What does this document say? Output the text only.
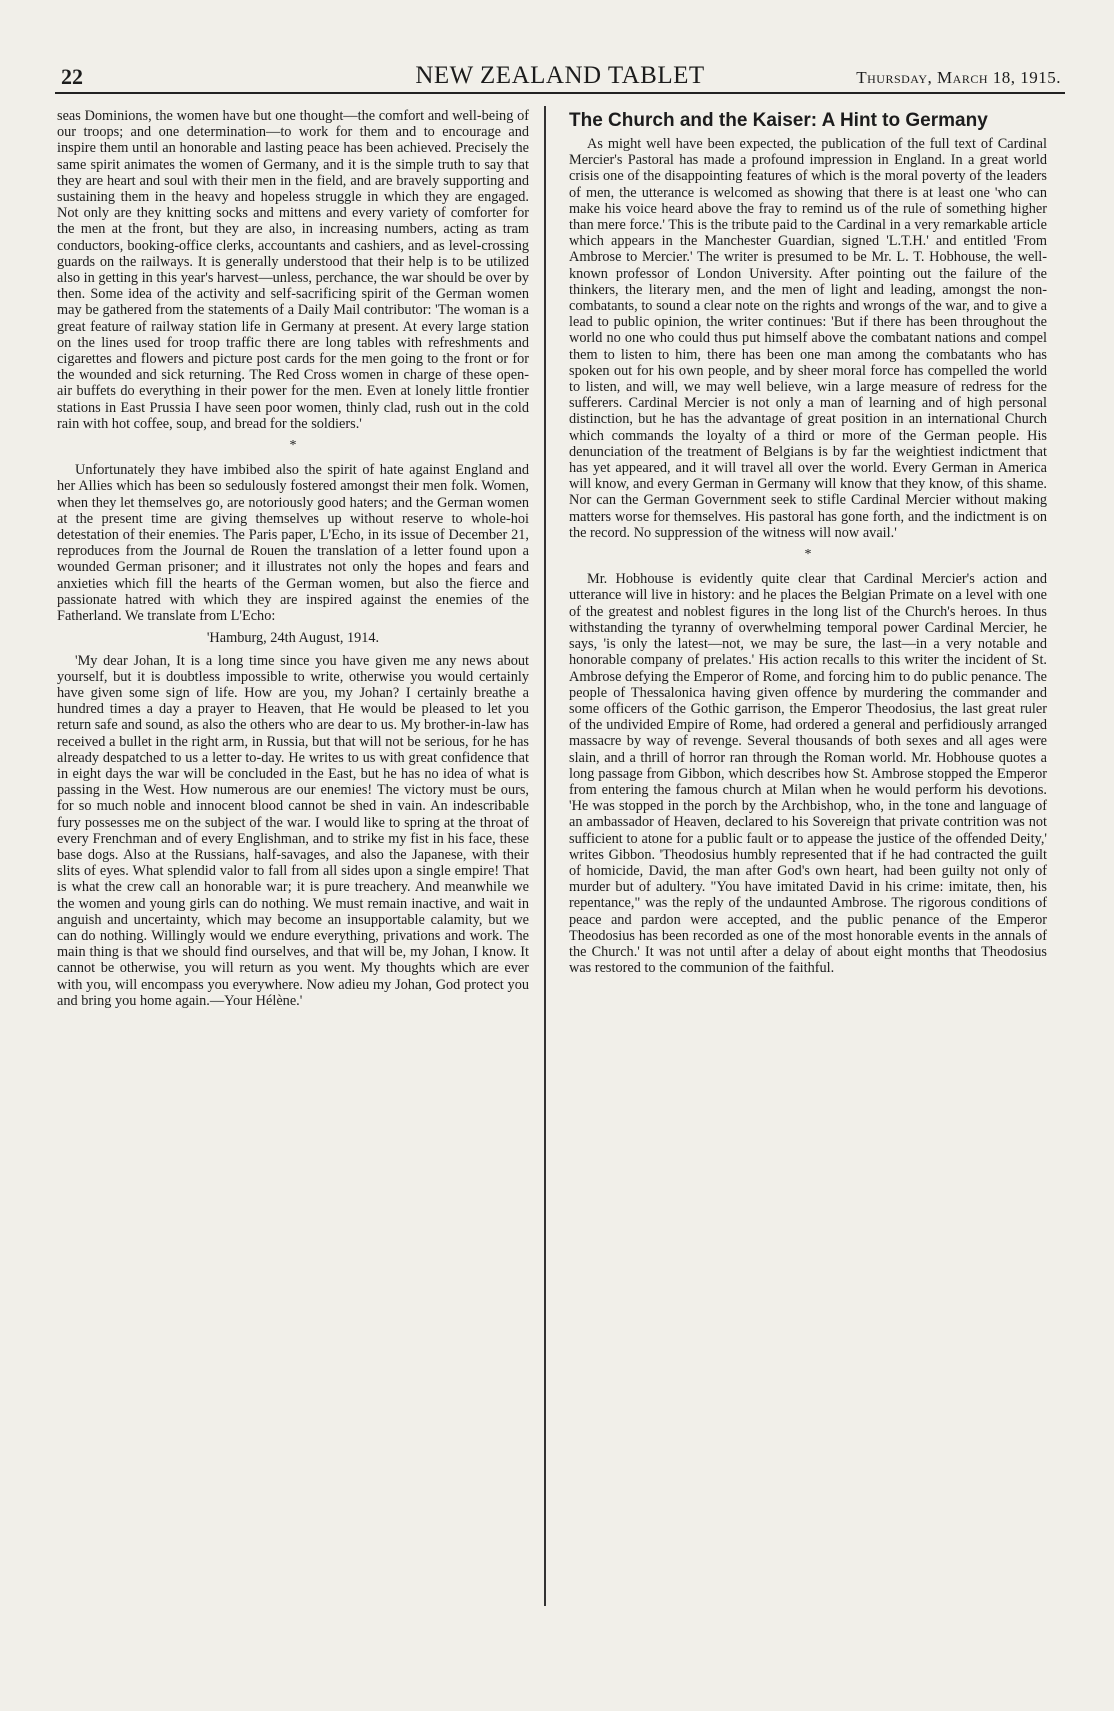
22	NEW ZEALAND TABLET	Thursday, March 18, 1915.

seas Dominions, the women have but one thought—the comfort and well-being of our troops; and one determination—to work for them and to encourage and inspire them until an honorable and lasting peace has been achieved. Precisely the same spirit animates the women of Germany, and it is the simple truth to say that they are heart and soul with their men in the field, and are bravely supporting and sustaining them in the heavy and hopeless struggle in which they are engaged. Not only are they knitting socks and mittens and every variety of comforter for the men at the front, but they are also, in increasing numbers, acting as tram conductors, booking-office clerks, accountants and cashiers, and as level-crossing guards on the railways. It is generally understood that their help is to be utilized also in getting in this year's harvest—unless, perchance, the war should be over by then. Some idea of the activity and self-sacrificing spirit of the German women may be gathered from the statements of a Daily Mail contributor: 'The woman is a great feature of railway station life in Germany at present. At every large station on the lines used for troop traffic there are long tables with refreshments and cigarettes and flowers and picture post cards for the men going to the front or for the wounded and sick returning. The Red Cross women in charge of these open-air buffets do everything in their power for the men. Even at lonely little frontier stations in East Prussia I have seen poor women, thinly clad, rush out in the cold rain with hot coffee, soup, and bread for the soldiers.'

*

Unfortunately they have imbibed also the spirit of hate against England and her Allies which has been so sedulously fostered amongst their men folk. Women, when they let themselves go, are notoriously good haters; and the German women at the present time are giving themselves up without reserve to whole-hoi detestation of their enemies. The Paris paper, L'Echo, in its issue of December 21, reproduces from the Journal de Rouen the translation of a letter found upon a wounded German prisoner; and it illustrates not only the hopes and fears and anxieties which fill the hearts of the German women, but also the fierce and passionate hatred with which they are inspired against the enemies of the Fatherland. We translate from L'Echo:

'Hamburg, 24th August, 1914.

'My dear Johan, It is a long time since you have given me any news about yourself, but it is doubtless impossible to write, otherwise you would certainly have given some sign of life. How are you, my Johan? I certainly breathe a hundred times a day a prayer to Heaven, that He would be pleased to let you return safe and sound, as also the others who are dear to us. My brother-in-law has received a bullet in the right arm, in Russia, but that will not be serious, for he has already despatched to us a letter to-day. He writes to us with great confidence that in eight days the war will be concluded in the East, but he has no idea of what is passing in the West. How numerous are our enemies! The victory must be ours, for so much noble and innocent blood cannot be shed in vain. An indescribable fury possesses me on the subject of the war. I would like to spring at the throat of every Frenchman and of every Englishman, and to strike my fist in his face, these base dogs. Also at the Russians, half-savages, and also the Japanese, with their slits of eyes. What splendid valor to fall from all sides upon a single empire! That is what the crew call an honorable war; it is pure treachery. And meanwhile we the women and young girls can do nothing. We must remain inactive, and wait in anguish and uncertainty, which may become an insupportable calamity, but we can do nothing. Willingly would we endure everything, privations and work. The main thing is that we should find ourselves, and that will be, my Johan, I know. It cannot be otherwise, you will return as you went. My thoughts which are ever with you, will encompass you everywhere. Now adieu my Johan, God protect you and bring you home again.—Your Hélène.'

The Church and the Kaiser: A Hint to Germany

As might well have been expected, the publication of the full text of Cardinal Mercier's Pastoral has made a profound impression in England. In a great world crisis one of the disappointing features of which is the moral poverty of the leaders of men, the utterance is welcomed as showing that there is at least one 'who can make his voice heard above the fray to remind us of the rule of something higher than mere force.' This is the tribute paid to the Cardinal in a very remarkable article which appears in the Manchester Guardian, signed 'L.T.H.' and entitled 'From Ambrose to Mercier.' The writer is presumed to be Mr. L. T. Hobhouse, the well-known professor of London University. After pointing out the failure of the thinkers, the literary men, and the men of light and leading, amongst the non-combatants, to sound a clear note on the rights and wrongs of the war, and to give a lead to public opinion, the writer continues: 'But if there has been throughout the world no one who could thus put himself above the combatant nations and compel them to listen to him, there has been one man among the combatants who has spoken out for his own people, and by sheer moral force has compelled the world to listen, and will, we may well believe, win a large measure of redress for the sufferers. Cardinal Mercier is not only a man of learning and of high personal distinction, but he has the advantage of great position in an international Church which commands the loyalty of a third or more of the German people. His denunciation of the treatment of Belgians is by far the weightiest indictment that has yet appeared, and it will travel all over the world. Every German in America will know, and every German in Germany will know that they know, of this shame. Nor can the German Government seek to stifle Cardinal Mercier without making matters worse for themselves. His pastoral has gone forth, and the indictment is on the record. No suppression of the witness will now avail.'

*

Mr. Hobhouse is evidently quite clear that Cardinal Mercier's action and utterance will live in history: and he places the Belgian Primate on a level with one of the greatest and noblest figures in the long list of the Church's heroes. In thus withstanding the tyranny of overwhelming temporal power Cardinal Mercier, he says, 'is only the latest—not, we may be sure, the last—in a very notable and honorable company of prelates.' His action recalls to this writer the incident of St. Ambrose defying the Emperor of Rome, and forcing him to do public penance. The people of Thessalonica having given offence by murdering the commander and some officers of the Gothic garrison, the Emperor Theodosius, the last great ruler of the undivided Empire of Rome, had ordered a general and perfidiously arranged massacre by way of revenge. Several thousands of both sexes and all ages were slain, and a thrill of horror ran through the Roman world. Mr. Hobhouse quotes a long passage from Gibbon, which describes how St. Ambrose stopped the Emperor from entering the famous church at Milan when he would perform his devotions. 'He was stopped in the porch by the Archbishop, who, in the tone and language of an ambassador of Heaven, declared to his Sovereign that private contrition was not sufficient to atone for a public fault or to appease the justice of the offended Deity,' writes Gibbon. 'Theodosius humbly represented that if he had contracted the guilt of homicide, David, the man after God's own heart, had been guilty not only of murder but of adultery. "You have imitated David in his crime: imitate, then, his repentance," was the reply of the undaunted Ambrose. The rigorous conditions of peace and pardon were accepted, and the public penance of the Emperor Theodosius has been recorded as one of the most honorable events in the annals of the Church.' It was not until after a delay of about eight months that Theodosius was restored to the communion of the faithful.
